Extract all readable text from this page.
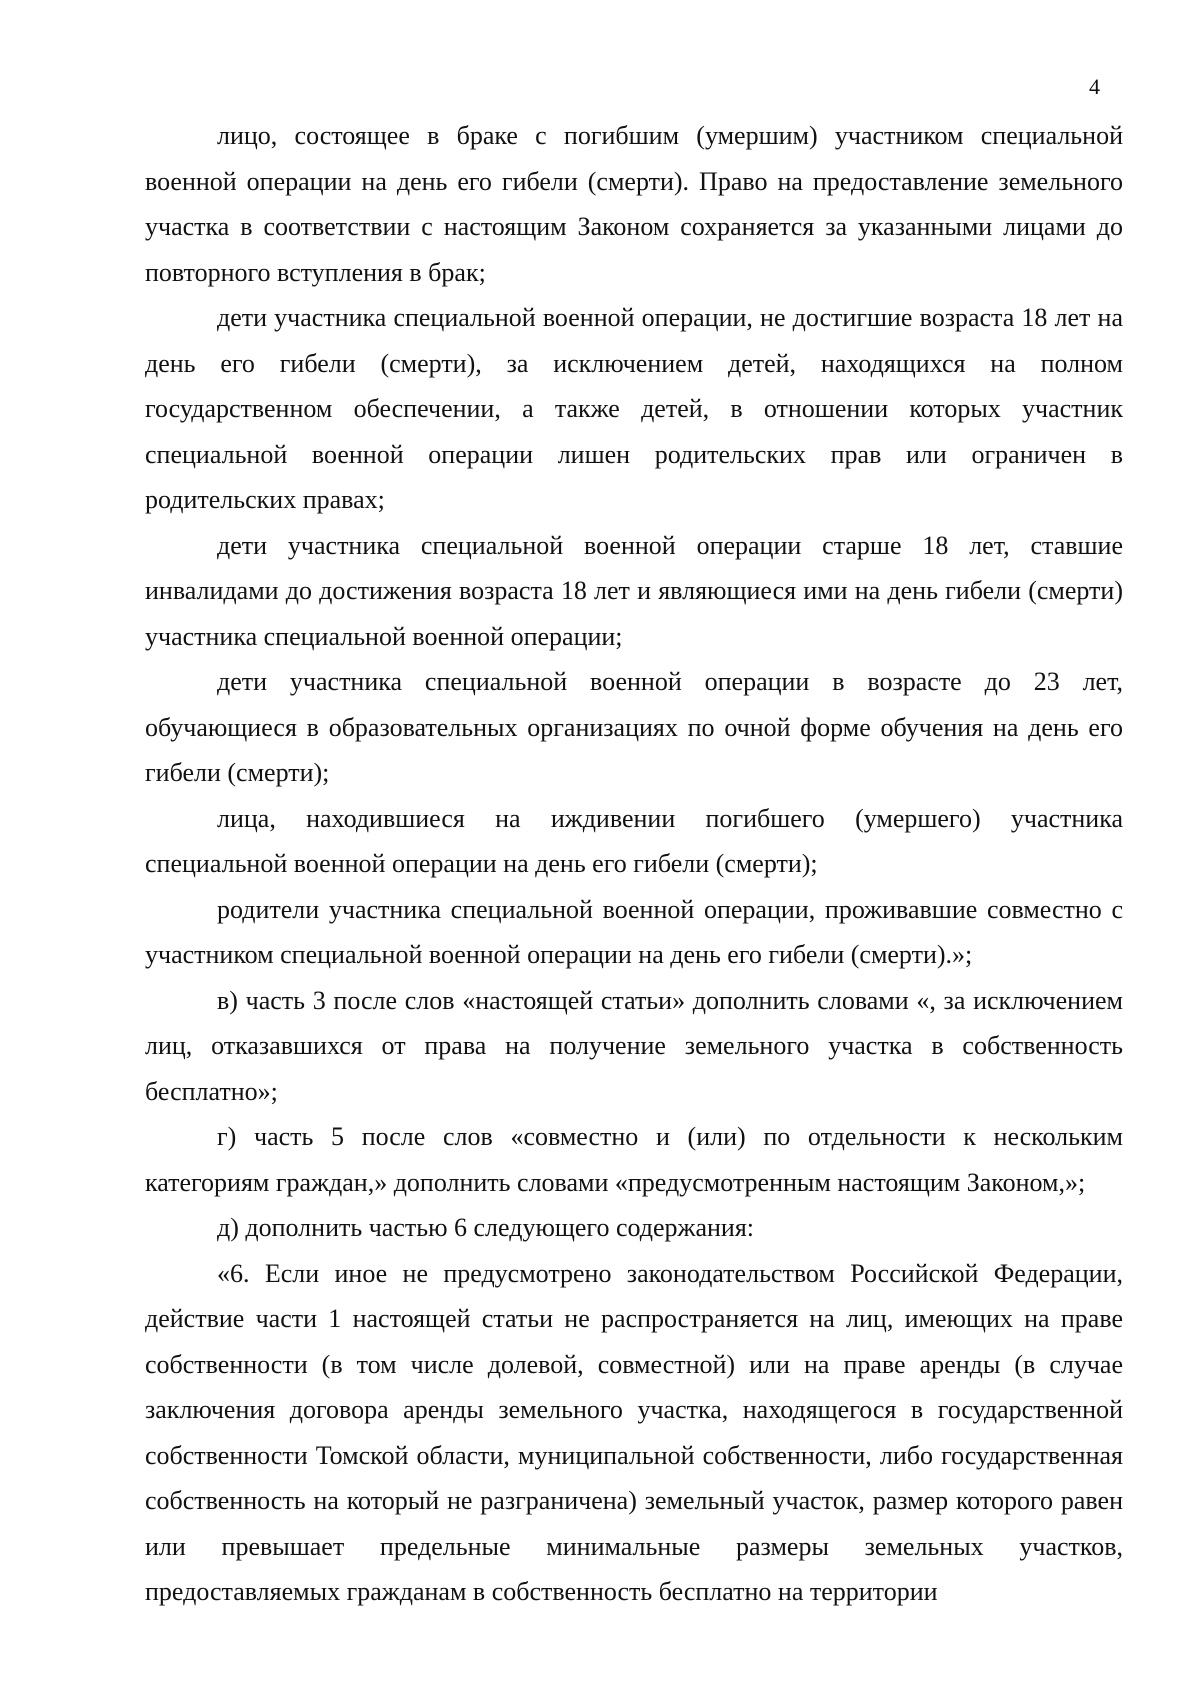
4

лицо, состоящее в браке с погибшим (умершим) участником специальной военной операции на день его гибели (смерти). Право на предоставление земельного участка в соответствии с настоящим Законом сохраняется за указанными лицами до повторного вступления в брак;

дети участника специальной военной операции, не достигшие возраста 18 лет на день его гибели (смерти), за исключением детей, находящихся на полном государственном обеспечении, а также детей, в отношении которых участник специальной военной операции лишен родительских прав или ограничен в родительских правах;

дети участника специальной военной операции старше 18 лет, ставшие инвалидами до достижения возраста 18 лет и являющиеся ими на день гибели (смерти) участника специальной военной операции;

дети участника специальной военной операции в возрасте до 23 лет, обучающиеся в образовательных организациях по очной форме обучения на день его гибели (смерти);

лица, находившиеся на иждивении погибшего (умершего) участника специальной военной операции на день его гибели (смерти);

родители участника специальной военной операции, проживавшие совместно с участником специальной военной операции на день его гибели (смерти).»;

в) часть 3 после слов «настоящей статьи» дополнить словами «, за исключением лиц, отказавшихся от права на получение земельного участка в собственность бесплатно»;

г) часть 5 после слов «совместно и (или) по отдельности к нескольким категориям граждан,» дополнить словами «предусмотренным настоящим Законом,»;

д) дополнить частью 6 следующего содержания:

«6. Если иное не предусмотрено законодательством Российской Федерации, действие части 1 настоящей статьи не распространяется на лиц, имеющих на праве собственности (в том числе долевой, совместной) или на праве аренды (в случае заключения договора аренды земельного участка, находящегося в государственной собственности Томской области, муниципальной собственности, либо государственная собственность на который не разграничена) земельный участок, размер которого равен или превышает предельные минимальные размеры земельных участков, предоставляемых гражданам в собственность бесплатно на территории
